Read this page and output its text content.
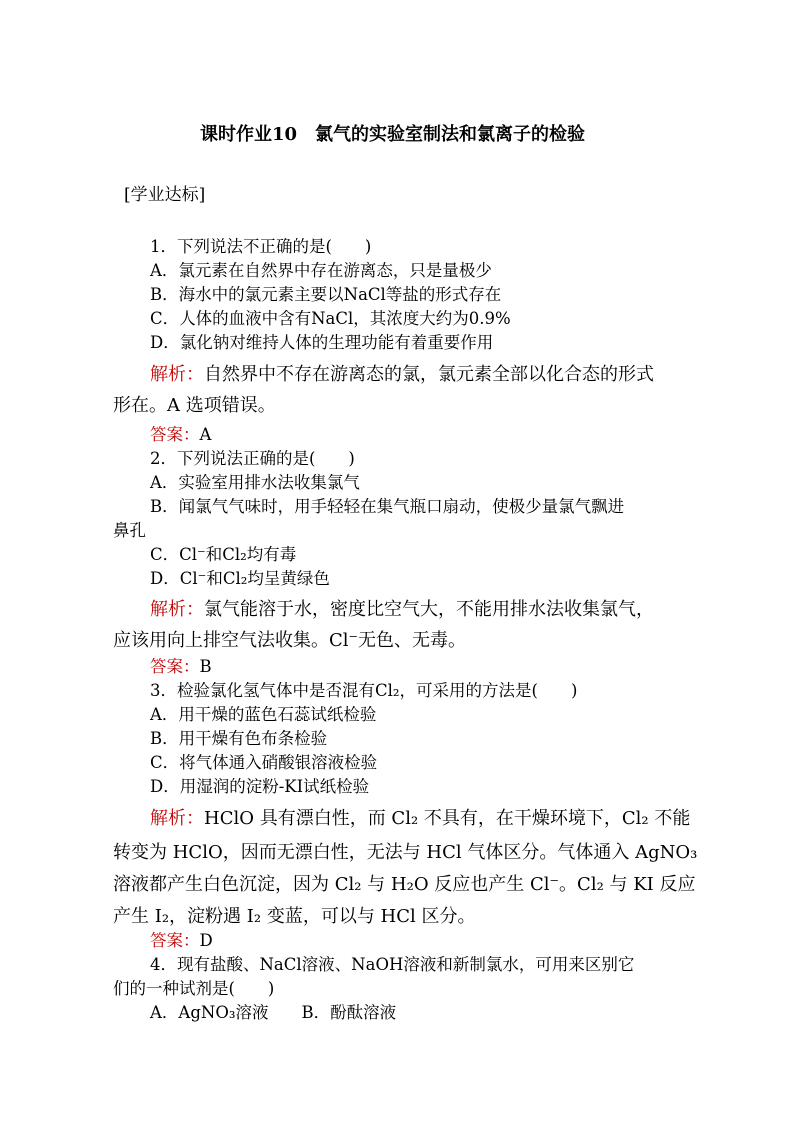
课时作业10　氯气的实验室制法和氯离子的检验
[学业达标]
1．下列说法不正确的是(　　)
A．氯元素在自然界中存在游离态，只是量极少
B．海水中的氯元素主要以NaCl等盐的形式存在
C．人体的血液中含有NaCl，其浓度大约为0.9%
D．氯化钠对维持人体的生理功能有着重要作用
解析：自然界中不存在游离态的氯，氯元素全部以化合态的形式
形在。A 选项错误。
答案：A
2．下列说法正确的是(　　)
A．实验室用排水法收集氯气
B．闻氯气气味时，用手轻轻在集气瓶口扇动，使极少量氯气飘进
鼻孔
C．Cl⁻和Cl₂均有毒
D．Cl⁻和Cl₂均呈黄绿色
解析：氯气能溶于水，密度比空气大，不能用排水法收集氯气，
应该用向上排空气法收集。Cl⁻无色、无毒。
答案：B
3．检验氯化氢气体中是否混有Cl₂，可采用的方法是(　　)
A．用干燥的蓝色石蕊试纸检验
B．用干燥有色布条检验
C．将气体通入硝酸银溶液检验
D．用湿润的淀粉-KI试纸检验
解析：HClO 具有漂白性，而 Cl₂ 不具有，在干燥环境下，Cl₂ 不能
转变为 HClO，因而无漂白性，无法与 HCl 气体区分。气体通入 AgNO₃
溶液都产生白色沉淀，因为 Cl₂ 与 H₂O 反应也产生 Cl⁻。Cl₂ 与 KI 反应
产生 I₂，淀粉遇 I₂ 变蓝，可以与 HCl 区分。
答案：D
4．现有盐酸、NaCl溶液、NaOH溶液和新制氯水，可用来区别它
们的一种试剂是(　　)
A．AgNO₃溶液　　B．酚酞溶液
